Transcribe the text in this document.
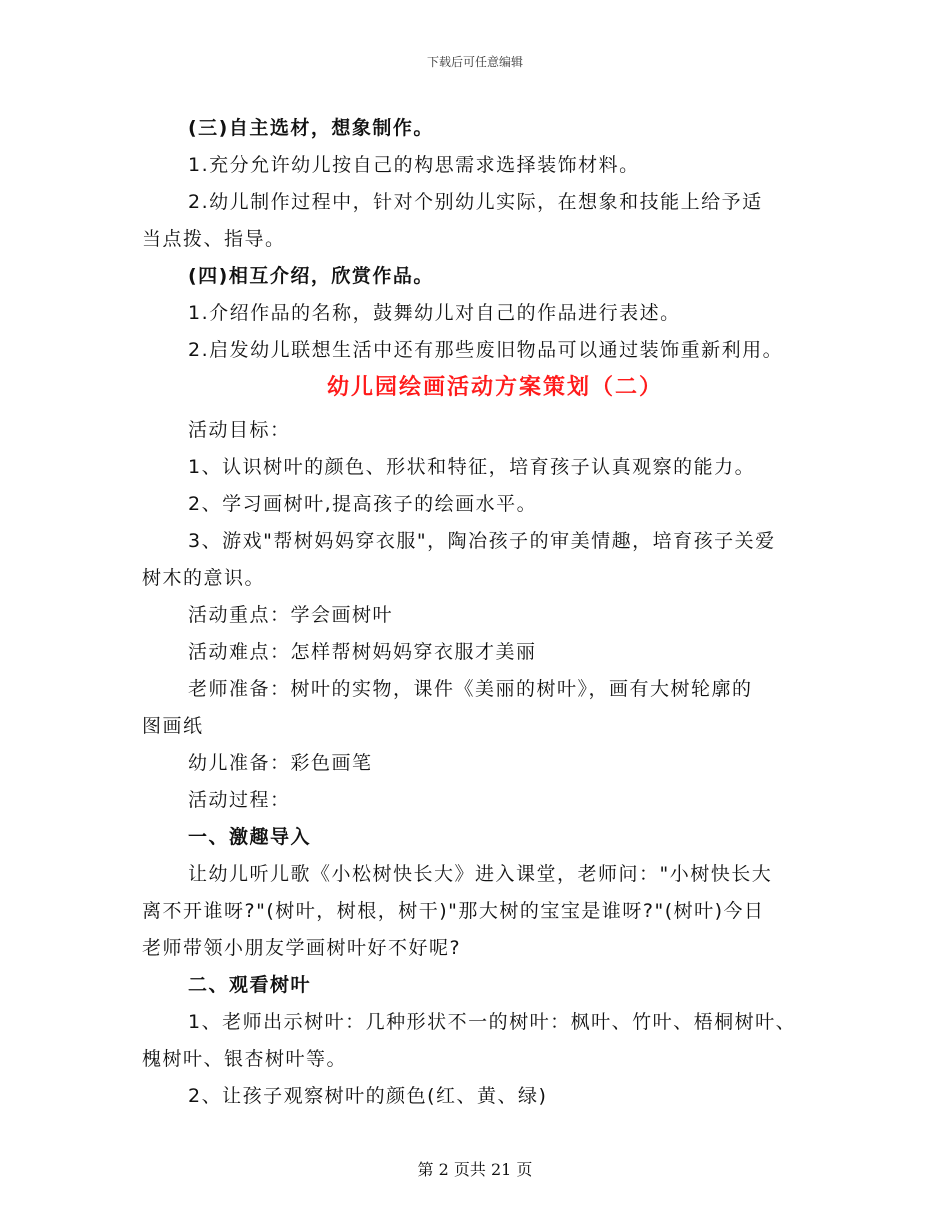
下载后可任意编辑
(三)自主选材，想象制作。
1.充分允许幼儿按自己的构思需求选择装饰材料。
2.幼儿制作过程中，针对个别幼儿实际，在想象和技能上给予适
当点拨、指导。
(四)相互介绍，欣赏作品。
1.介绍作品的名称，鼓舞幼儿对自己的作品进行表述。
2.启发幼儿联想生活中还有那些废旧物品可以通过装饰重新利用。
幼儿园绘画活动方案策划（二）
活动目标：
1、认识树叶的颜色、形状和特征，培育孩子认真观察的能力。
2、学习画树叶,提高孩子的绘画水平。
3、游戏"帮树妈妈穿衣服"，陶冶孩子的审美情趣，培育孩子关爱
树木的意识。
活动重点：学会画树叶
活动难点：怎样帮树妈妈穿衣服才美丽
老师准备：树叶的实物，课件《美丽的树叶》，画有大树轮廓的
图画纸
幼儿准备：彩色画笔
活动过程：
一、激趣导入
让幼儿听儿歌《小松树快长大》进入课堂，老师问："小树快长大
离不开谁呀?"(树叶，树根，树干)"那大树的宝宝是谁呀?"(树叶)今日
老师带领小朋友学画树叶好不好呢?
二、观看树叶
1、老师出示树叶：几种形状不一的树叶：枫叶、竹叶、梧桐树叶、
槐树叶、银杏树叶等。
2、让孩子观察树叶的颜色(红、黄、绿)
第 2 页共 21 页
